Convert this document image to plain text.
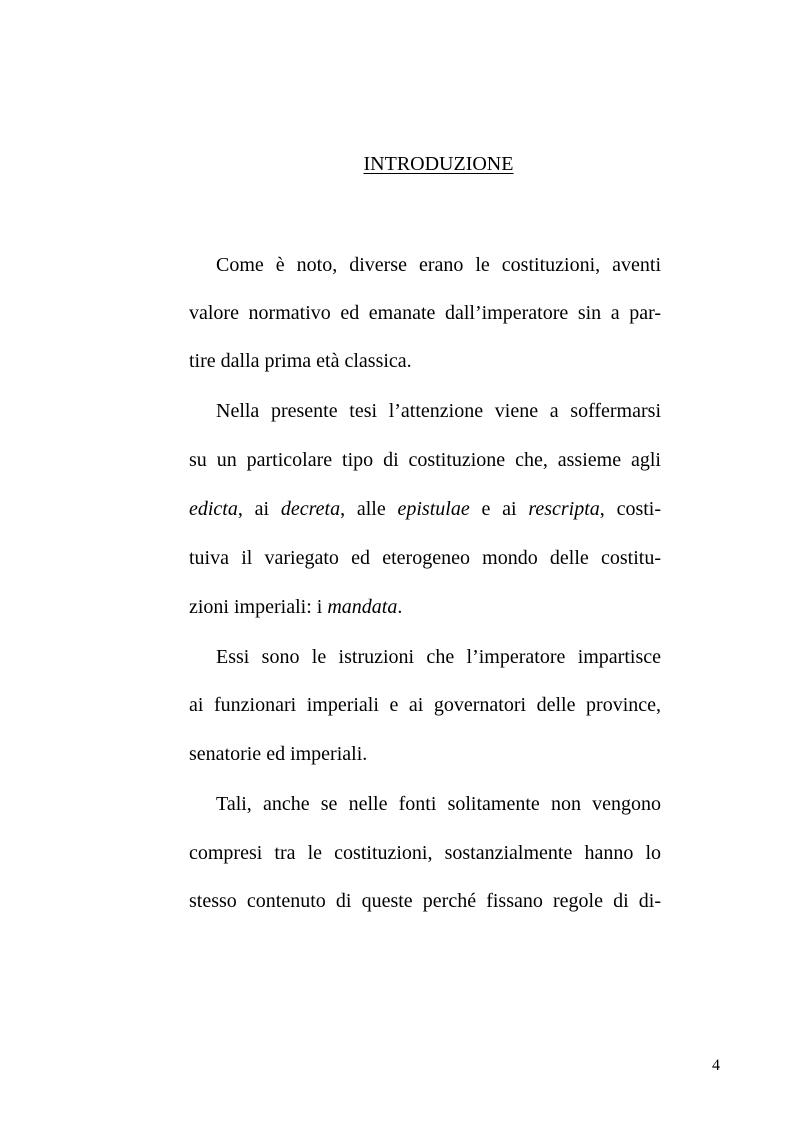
INTRODUZIONE
Come è noto, diverse erano le costituzioni, aventi
valore normativo ed emanate dall’imperatore sin a par-
tire dalla prima età classica.
Nella presente tesi l’attenzione viene a soffermarsi
su un particolare tipo di costituzione che, assieme agli
edicta, ai decreta, alle epistulae e ai rescripta, costi-
tuiva il variegato ed eterogeneo mondo delle costitu-
zioni imperiali: i mandata.
Essi sono le istruzioni che l’imperatore impartisce
ai funzionari imperiali e ai governatori delle province,
senatorie ed imperiali.
Tali, anche se nelle fonti solitamente non vengono
compresi tra le costituzioni, sostanzialmente hanno lo
stesso contenuto di queste perché fissano regole di di-
4
